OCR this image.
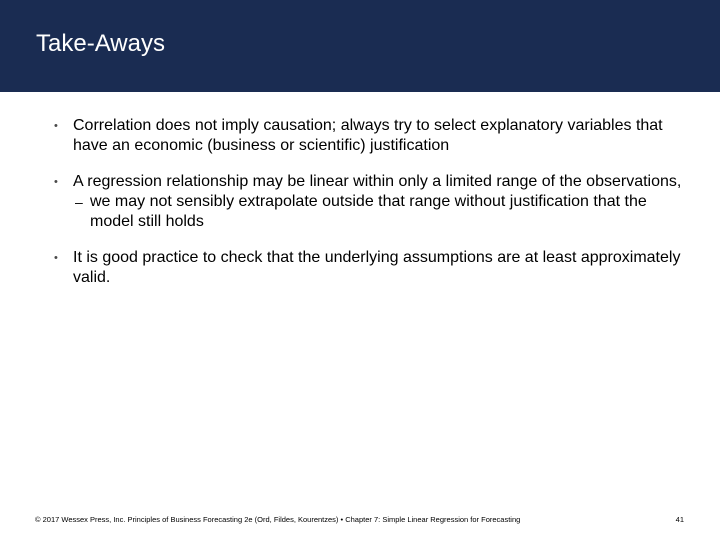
Take-Aways
• Correlation does not imply causation; always try to select explanatory variables that have an economic (business or scientific) justification
• A regression relationship may be linear within only a limited range of the observations,
– we may not sensibly extrapolate outside that range without justification that the model still holds
• It is good practice to check that the underlying assumptions are at least approximately valid.
© 2017 Wessex Press, Inc. Principles of Business Forecasting 2e (Ord, Fildes, Kourentzes) • Chapter 7: Simple Linear Regression for Forecasting	41
